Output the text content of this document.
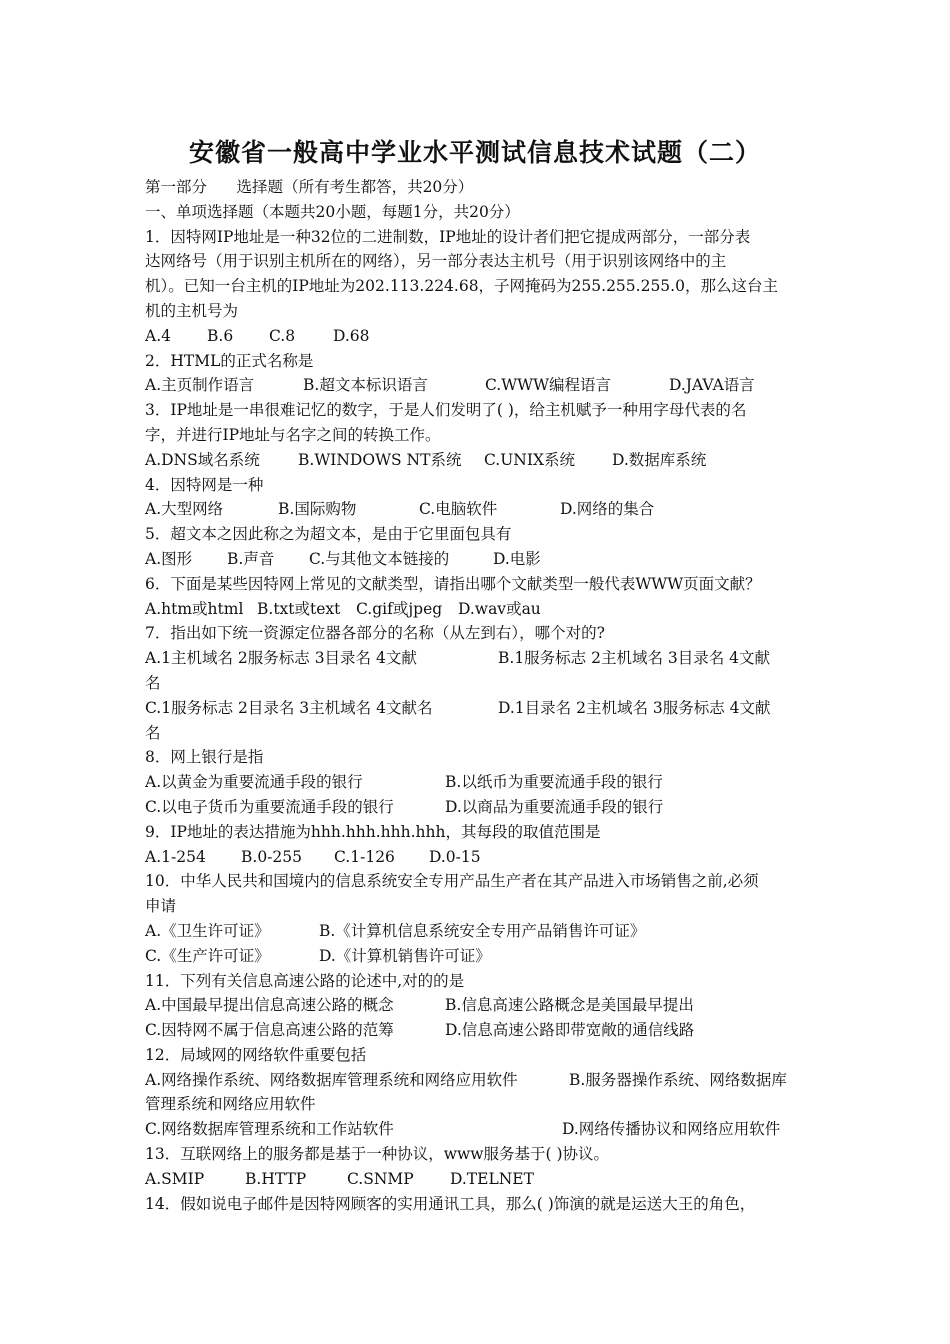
安徽省一般高中学业水平测试信息技术试题（二）
第一部分      选择题（所有考生都答，共20分）
一、单项选择题（本题共20小题，每题1分，共20分）
1．因特网IP地址是一种32位的二进制数，IP地址的设计者们把它提成两部分，一部分表
达网络号（用于识别主机所在的网络），另一部分表达主机号（用于识别该网络中的主
机）。已知一台主机的IP地址为202.113.224.68，子网掩码为255.255.255.0，那么这台主
机的主机号为
A.4 B.6 C.8 D.68
2．HTML的正式名称是
A.主页制作语言	B.超文本标识语言	C.WWW编程语言	D.JAVA语言
3．IP地址是一串很难记忆的数字，于是人们发明了( )，给主机赋予一种用字母代表的名
字，并进行IP地址与名字之间的转换工作。
A.DNS域名系统 B.WINDOWS NT系统 C.UNIX系统 D.数据库系统
4．因特网是一种
A.大型网络	B.国际购物	C.电脑软件	D.网络的集合
5．超文本之因此称之为超文本，是由于它里面包具有
A.图形 B.声音 C.与其他文本链接的	D.电影
6．下面是某些因特网上常见的文献类型，请指出哪个文献类型一般代表WWW页面文献？
A.htm或html B.txt或text C.gif或jpeg D.wav或au
7．指出如下统一资源定位器各部分的名称（从左到右），哪个对的?
A.1主机域名 2服务标志 3目录名 4文献	B.1服务标志 2主机域名 3目录名 4文献
名
C.1服务标志 2目录名 3主机域名 4文献名	D.1目录名 2主机域名 3服务标志 4文献
名
8．网上银行是指
A.以黄金为重要流通手段的银行	B.以纸币为重要流通手段的银行
C.以电子货币为重要流通手段的银行	D.以商品为重要流通手段的银行
9．IP地址的表达措施为hhh.hhh.hhh.hhh，其每段的取值范围是
A.1-254 B.0-255 C.1-126 D.0-15
10．中华人民共和国境内的信息系统安全专用产品生产者在其产品进入市场销售之前,必须
申请
A.《卫生许可证》	B.《计算机信息系统安全专用产品销售许可证》
C.《生产许可证》	D.《计算机销售许可证》
11．下列有关信息高速公路的论述中,对的的是
A.中国最早提出信息高速公路的概念	B.信息高速公路概念是美国最早提出
C.因特网不属于信息高速公路的范筹	D.信息高速公路即带宽敞的通信线路
12．局域网的网络软件重要包括
A.网络操作系统、网络数据库管理系统和网络应用软件	B.服务器操作系统、网络数据库
管理系统和网络应用软件
C.网络数据库管理系统和工作站软件	D.网络传播协议和网络应用软件
13．互联网络上的服务都是基于一种协议，www服务基于( )协议。
A.SMIP	B.HTTP	C.SNMP D.TELNET
14．假如说电子邮件是因特网顾客的实用通讯工具，那么( )饰演的就是运送大王的角色，
